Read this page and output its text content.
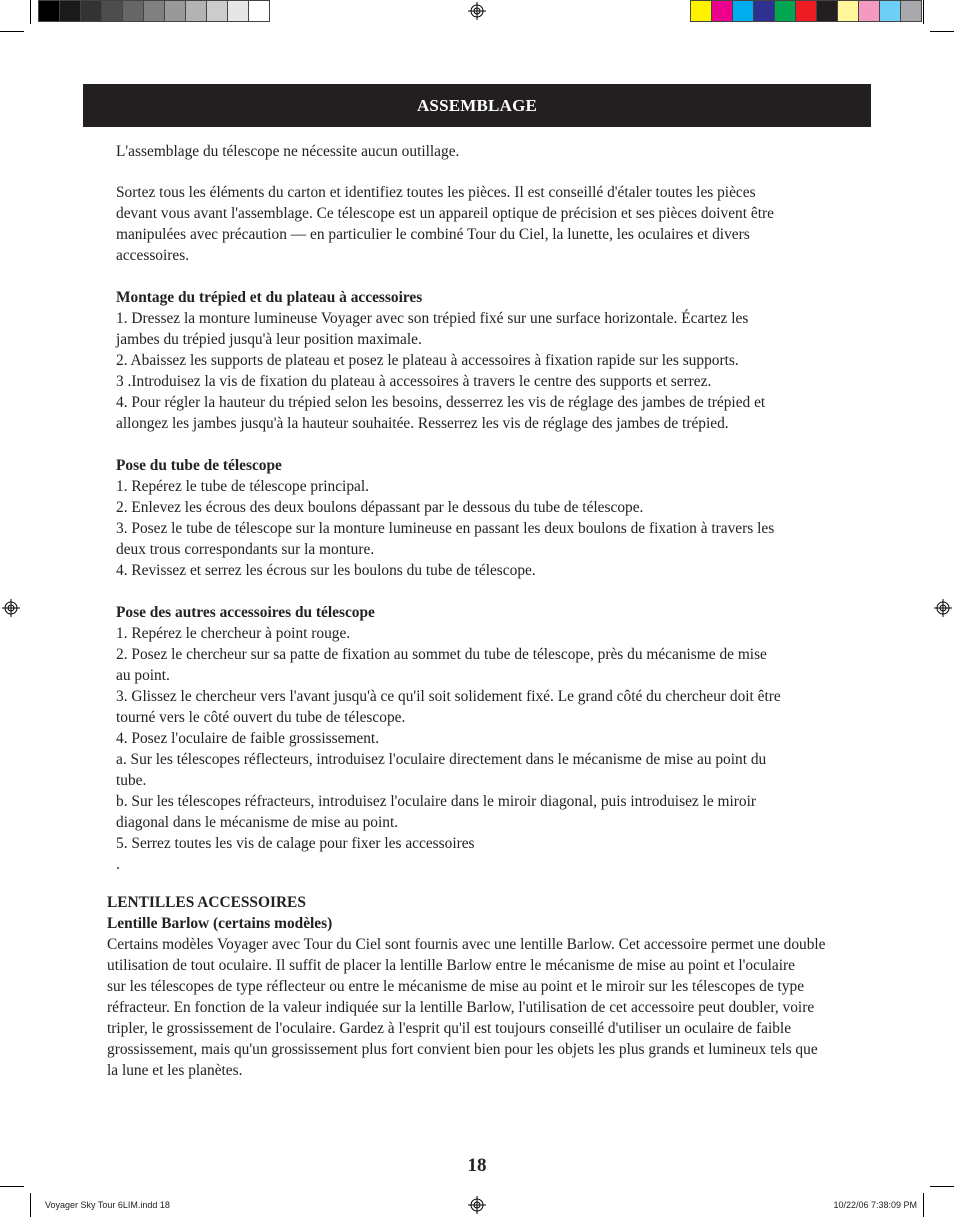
ASSEMBLAGE

L'assemblage du télescope ne nécessite aucun outillage.

Sortez tous les éléments du carton et identifiez toutes les pièces. Il est conseillé d'étaler toutes les pièces
devant vous avant l'assemblage. Ce télescope est un appareil optique de précision et ses pièces doivent être
manipulées avec précaution — en particulier le combiné Tour du Ciel, la lunette, les oculaires et divers
accessoires.

Montage du trépied et du plateau à accessoires
1. Dressez la monture lumineuse Voyager avec son trépied fixé sur une surface horizontale. Écartez les
jambes du trépied jusqu'à leur position maximale.
2. Abaissez les supports de plateau et posez le plateau à accessoires à fixation rapide sur les supports.
3 .Introduisez la vis de fixation du plateau à accessoires à travers le centre des supports et serrez.
4. Pour régler la hauteur du trépied selon les besoins, desserrez les vis de réglage des jambes de trépied et
allongez les jambes jusqu'à la hauteur souhaitée. Resserrez les vis de réglage des jambes de trépied.

Pose du tube de télescope
1. Repérez le tube de télescope principal.
2. Enlevez les écrous des deux boulons dépassant par le dessous du tube de télescope.
3. Posez le tube de télescope sur la monture lumineuse en passant les deux boulons de fixation à travers les
deux trous correspondants sur la monture.
4. Revissez et serrez les écrous sur les boulons du tube de télescope.

Pose des autres accessoires du télescope
1. Repérez le chercheur à point rouge.
2. Posez le chercheur sur sa patte de fixation au sommet du tube de télescope, près du mécanisme de mise
au point.
3. Glissez le chercheur vers l'avant jusqu'à ce qu'il soit solidement fixé. Le grand côté du chercheur doit être
tourné vers le côté ouvert du tube de télescope.
4. Posez l'oculaire de faible grossissement.
a. Sur les télescopes réflecteurs, introduisez l'oculaire directement dans le mécanisme de mise au point du
tube.
b. Sur les télescopes réfracteurs, introduisez l'oculaire dans le miroir diagonal, puis introduisez le miroir
diagonal dans le mécanisme de mise au point.
5. Serrez toutes les vis de calage pour fixer les accessoires
.

LENTILLES ACCESSOIRES
Lentille Barlow (certains modèles)
Certains modèles Voyager avec Tour du Ciel sont fournis avec une lentille Barlow. Cet accessoire permet une double
utilisation de tout oculaire. Il suffit de placer la lentille Barlow entre le mécanisme de mise au point et l'oculaire
sur les télescopes de type réflecteur ou entre le mécanisme de mise au point et le miroir sur les télescopes de type
réfracteur. En fonction de la valeur indiquée sur la lentille Barlow, l'utilisation de cet accessoire peut doubler, voire
tripler, le grossissement de l'oculaire. Gardez à l'esprit qu'il est toujours conseillé d'utiliser un oculaire de faible
grossissement, mais qu'un grossissement plus fort convient bien pour les objets les plus grands et lumineux tels que
la lune et les planètes.

18
Voyager Sky Tour 6LIM.indd 18	10/22/06 7:38:09 PM
